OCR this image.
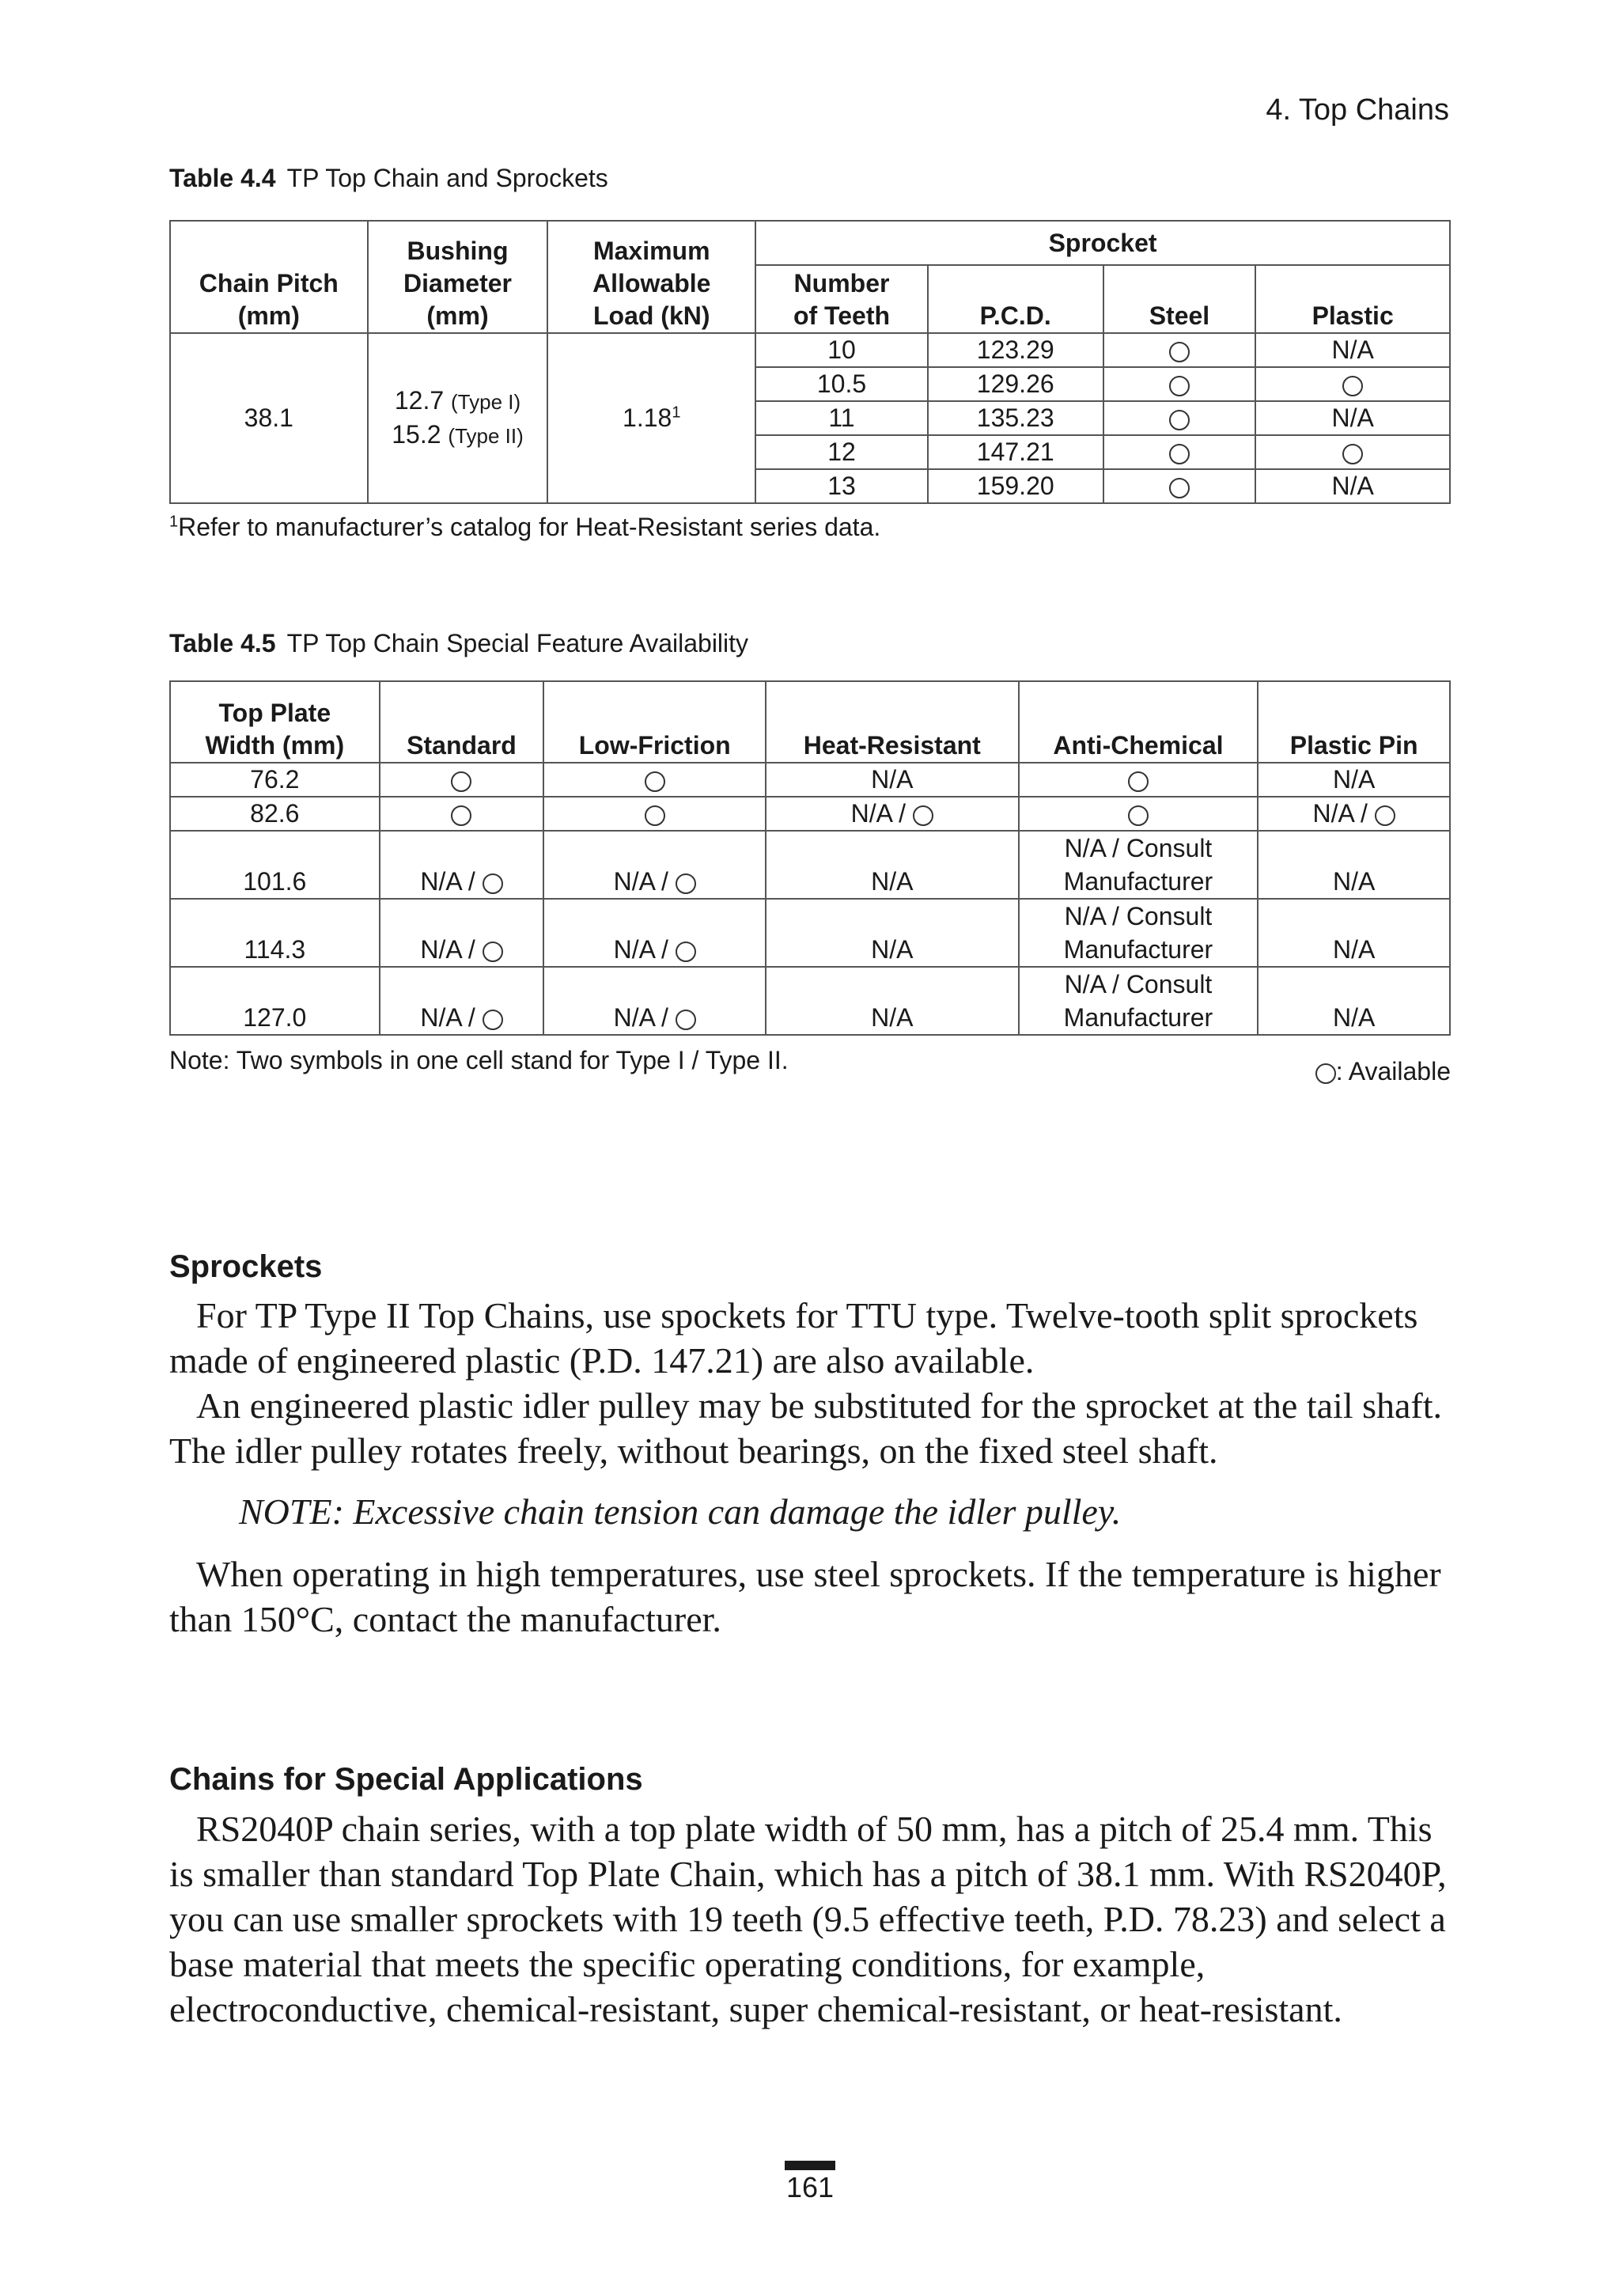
4. Top Chains
Table 4.4 TP Top Chain and Sprockets
Chain Pitch
(mm)	Bushing
Diameter
(mm)	Maximum
Allowable
Load (kN)	Sprocket			
			Number
of Teeth	P.C.D.	Steel	Plastic
38.1	12.7 (Type I)
15.2 (Type II)	1.18$^1$	10	123.29		N/A
			10.5	129.26		
			11	135.23		N/A
			12	147.21		
			13	159.20		N/A
$^1$Refer to manufacturer’s catalog for Heat-Resistant series data.
Table 4.5 TP Top Chain Special Feature Availability
Top Plate
Width (mm)	Standard	Low-Friction	Heat-Resistant	Anti-Chemical	Plastic Pin
76.2			N/A		N/A
82.6			N/A /		N/A /
101.6	N/A /	N/A /	N/A	N/A / Consult
Manufacturer	N/A
114.3	N/A /	N/A /	N/A	N/A / Consult
Manufacturer	N/A
127.0	N/A /	N/A /	N/A	N/A / Consult
Manufacturer	N/A
Note: Two symbols in one cell stand for Type I / Type II.	: Available
Sprockets

For TP Type II Top Chains, use spockets for TTU type. Twelve-tooth split sprockets made of engineered plastic (P.D. 147.21) are also available.

An engineered plastic idler pulley may be substituted for the sprocket at the tail shaft. The idler pulley rotates freely, without bearings, on the fixed steel shaft.

NOTE: Excessive chain tension can damage the idler pulley.

When operating in high temperatures, use steel sprockets. If the temperature is higher than 150°C, contact the manufacturer.

Chains for Special Applications

RS2040P chain series, with a top plate width of 50 mm, has a pitch of 25.4 mm. This is smaller than standard Top Plate Chain, which has a pitch of 38.1 mm. With RS2040P, you can use smaller sprockets with 19 teeth (9.5 effective teeth, P.D. 78.23) and select a base material that meets the specific operating conditions, for example, electroconductive, chemical-resistant, super chemical-resistant, or heat-resistant.

161
